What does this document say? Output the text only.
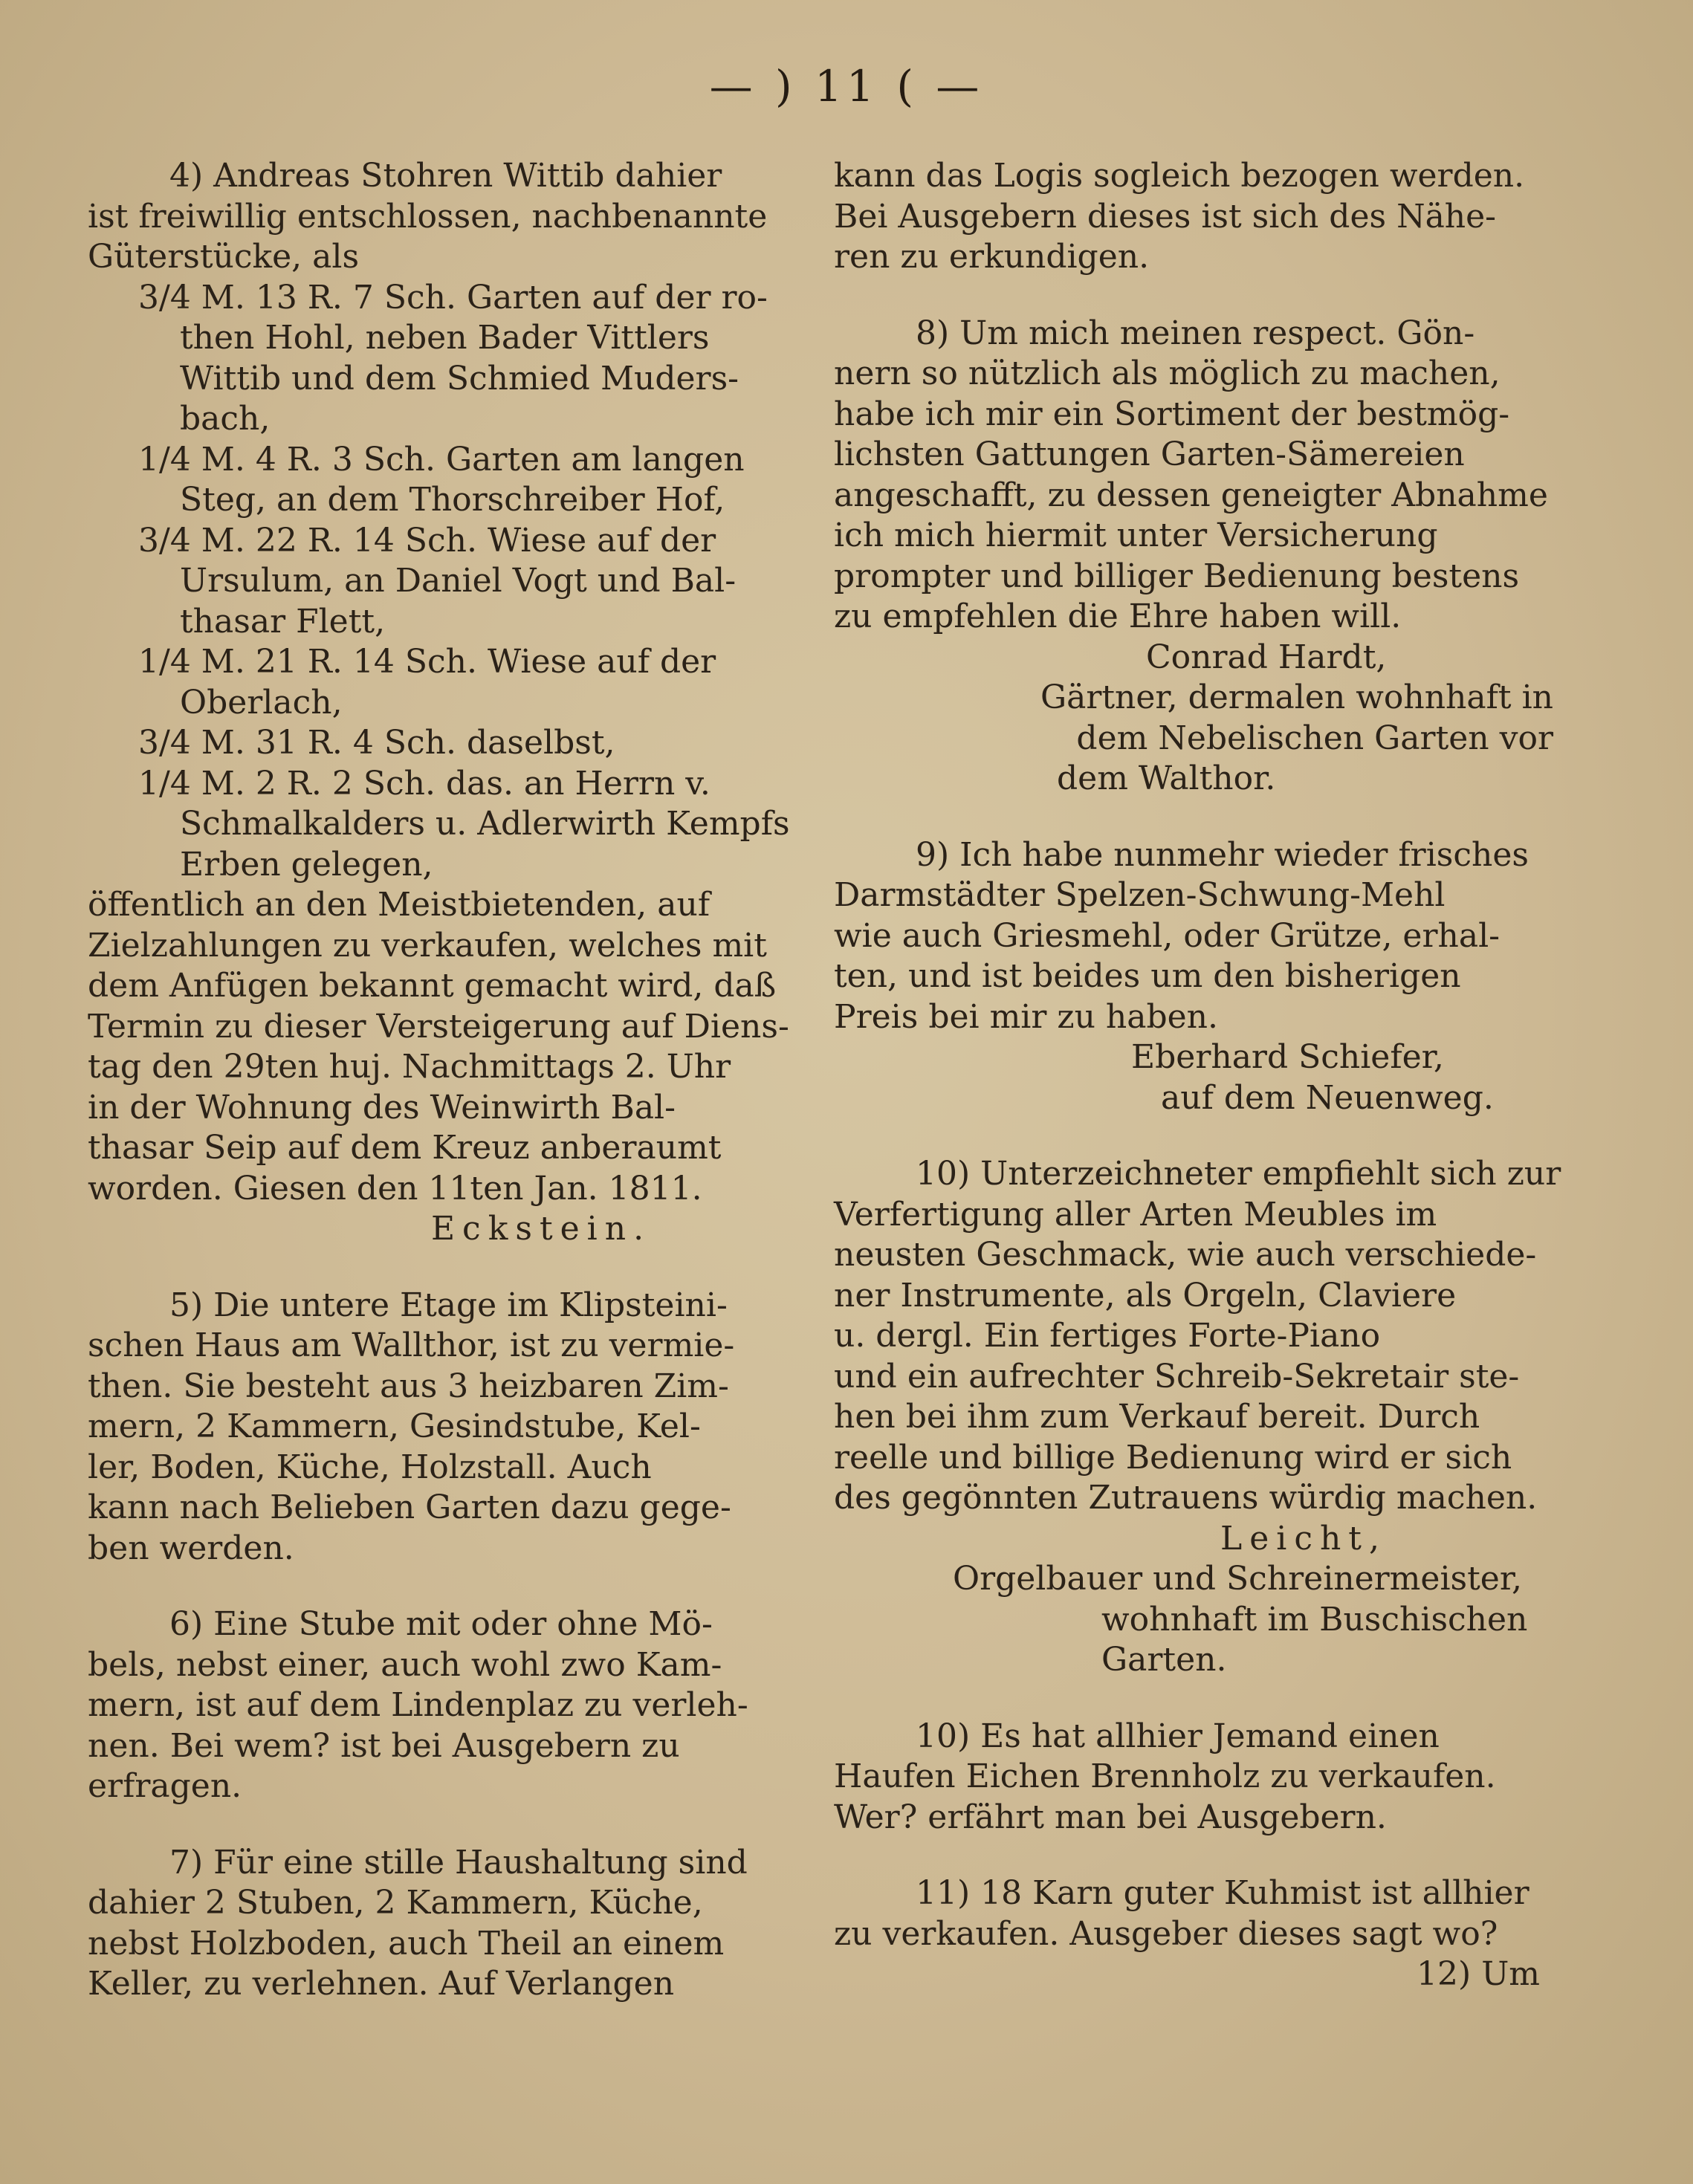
— ) 11 ( —
4) Andreas Stohren Wittib dahier
ist freiwillig entschlossen, nachbenannte
Güterstücke, als
3/4 M. 13 R. 7 Sch. Garten auf der ro-
then Hohl, neben Bader Vittlers
Wittib und dem Schmied Muders-
bach,
1/4 M. 4 R. 3 Sch. Garten am langen
Steg, an dem Thorschreiber Hof,
3/4 M. 22 R. 14 Sch. Wiese auf der
Ursulum, an Daniel Vogt und Bal-
thasar Flett,
1/4 M. 21 R. 14 Sch. Wiese auf der
Oberlach,
3/4 M. 31 R. 4 Sch. daselbst,
1/4 M. 2 R. 2 Sch. das. an Herrn v.
Schmalkalders u. Adlerwirth Kempfs
Erben gelegen,
öffentlich an den Meistbietenden, auf
Zielzahlungen zu verkaufen, welches mit
dem Anfügen bekannt gemacht wird, daß
Termin zu dieser Versteigerung auf Diens-
tag den 29ten huj. Nachmittags 2. Uhr
in der Wohnung des Weinwirth Bal-
thasar Seip auf dem Kreuz anberaumt
worden. Giesen den 11ten Jan. 1811.
Eckstein.
5) Die untere Etage im Klipsteini-
schen Haus am Wallthor, ist zu vermie-
then. Sie besteht aus 3 heizbaren Zim-
mern, 2 Kammern, Gesindstube, Kel-
ler, Boden, Küche, Holzstall. Auch
kann nach Belieben Garten dazu gege-
ben werden.
6) Eine Stube mit oder ohne Mö-
bels, nebst einer, auch wohl zwo Kam-
mern, ist auf dem Lindenplaz zu verleh-
nen. Bei wem? ist bei Ausgebern zu
erfragen.
7) Für eine stille Haushaltung sind
dahier 2 Stuben, 2 Kammern, Küche,
nebst Holzboden, auch Theil an einem
Keller, zu verlehnen. Auf Verlangen
kann das Logis sogleich bezogen werden.
Bei Ausgebern dieses ist sich des Nähe-
ren zu erkundigen.
8) Um mich meinen respect. Gön-
nern so nützlich als möglich zu machen,
habe ich mir ein Sortiment der bestmög-
lichsten Gattungen Garten-Sämereien
angeschafft, zu dessen geneigter Abnahme
ich mich hiermit unter Versicherung
prompter und billiger Bedienung bestens
zu empfehlen die Ehre haben will.
Conrad Hardt,
Gärtner, dermalen wohnhaft in
dem Nebelischen Garten vor
dem Walthor.
9) Ich habe nunmehr wieder frisches
Darmstädter Spelzen-Schwung-Mehl
wie auch Griesmehl, oder Grütze, erhal-
ten, und ist beides um den bisherigen
Preis bei mir zu haben.
Eberhard Schiefer,
auf dem Neuenweg.
10) Unterzeichneter empfiehlt sich zur
Verfertigung aller Arten Meubles im
neusten Geschmack, wie auch verschiede-
ner Instrumente, als Orgeln, Claviere
u. dergl. Ein fertiges Forte-Piano
und ein aufrechter Schreib-Sekretair ste-
hen bei ihm zum Verkauf bereit. Durch
reelle und billige Bedienung wird er sich
des gegönnten Zutrauens würdig machen.
Leicht,
Orgelbauer und Schreinermeister,
wohnhaft im Buschischen
Garten.
10) Es hat allhier Jemand einen
Haufen Eichen Brennholz zu verkaufen.
Wer? erfährt man bei Ausgebern.
11) 18 Karn guter Kuhmist ist allhier
zu verkaufen. Ausgeber dieses sagt wo?
12) Um
